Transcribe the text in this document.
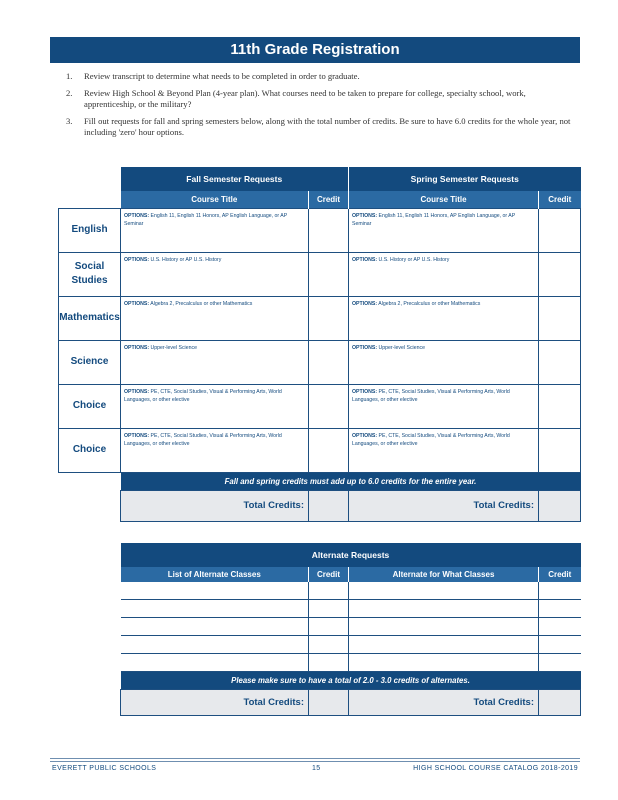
11th Grade Registration
1. Review transcript to determine what needs to be completed in order to graduate.
2. Review High School & Beyond Plan (4-year plan). What courses need to be taken to prepare for college, specialty school, work, apprenticeship, or the military?
3. Fill out requests for fall and spring semesters below, along with the total number of credits. Be sure to have 6.0 credits for the whole year, not including 'zero' hour options.
	Fall Semester Requests		Spring Semester Requests	
	Course Title	Credit	Course Title	Credit
English	OPTIONS: English 11, English 11 Honors, AP English Language, or AP Seminar		OPTIONS: English 11, English 11 Honors, AP English Language, or AP Seminar	
Social
Studies	OPTIONS: U.S. History or AP U.S. History		OPTIONS: U.S. History or AP U.S. History	
Mathematics	OPTIONS: Algebra 2, Precalculus or other Mathematics		OPTIONS: Algebra 2, Precalculus or other Mathematics	
Science	OPTIONS: Upper-level Science		OPTIONS: Upper-level Science	
Choice	OPTIONS: PE, CTE, Social Studies, Visual & Performing Arts, World Languages, or other elective		OPTIONS: PE, CTE, Social Studies, Visual & Performing Arts, World Languages, or other elective	
Choice	OPTIONS: PE, CTE, Social Studies, Visual & Performing Arts, World Languages, or other elective		OPTIONS: PE, CTE, Social Studies, Visual & Performing Arts, World Languages, or other elective	
	Fall and spring credits must add up to 6.0 credits for the entire year.			
	Total Credits:		Total Credits:	
Alternate Requests			
List of Alternate Classes	Credit	Alternate for What Classes	Credit

Please make sure to have a total of 2.0 - 3.0 credits of alternates.			
Total Credits:		Total Credits:	
EVERETT PUBLIC SCHOOLS	15	HIGH SCHOOL COURSE CATALOG 2018-2019
